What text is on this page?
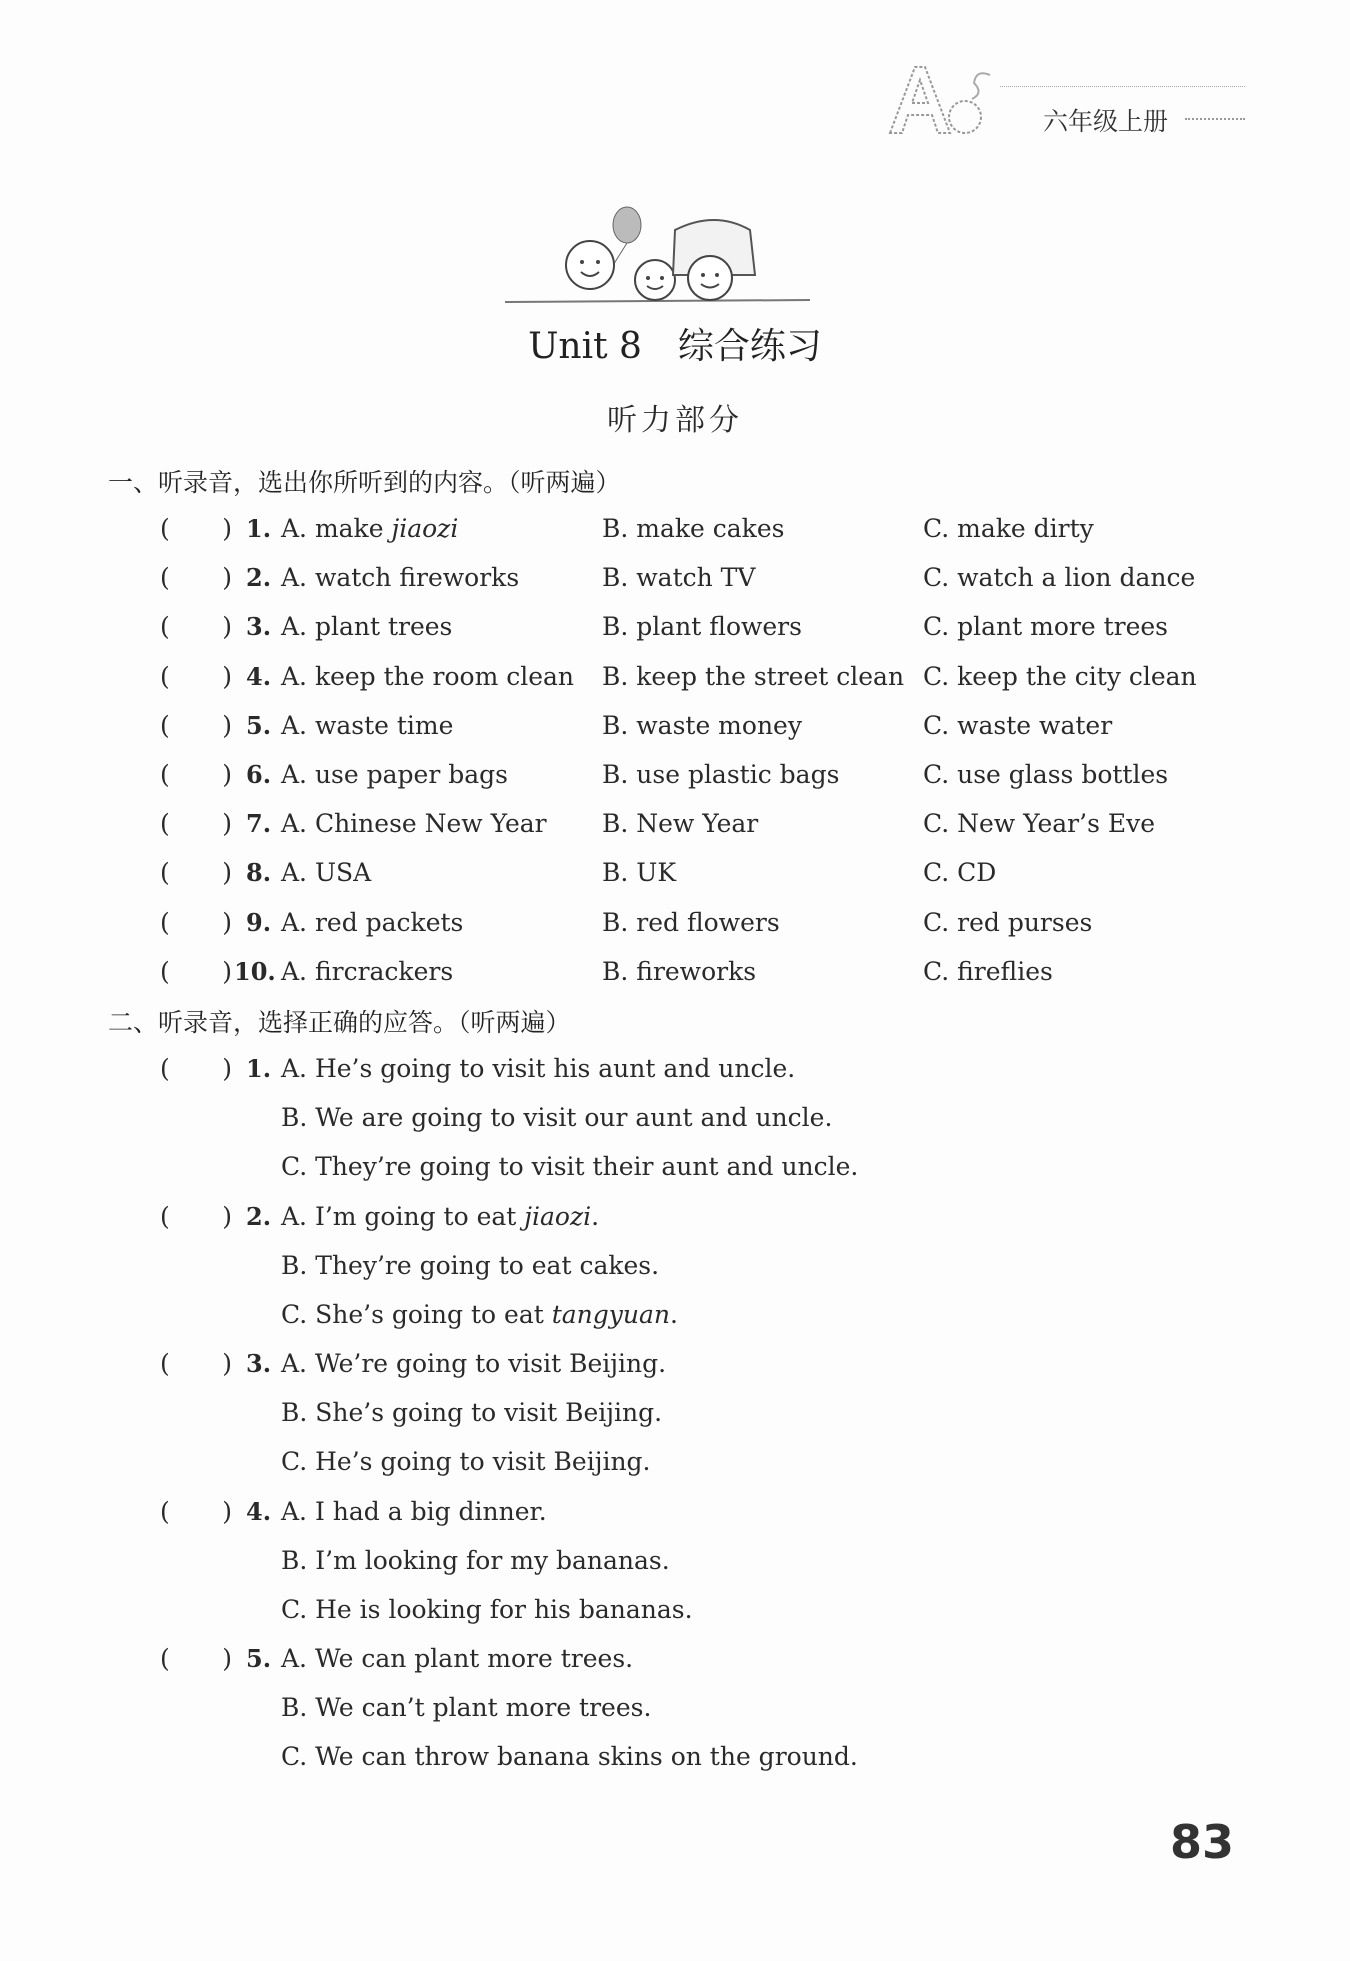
六年级上册
Unit 8　综合练习
听力部分
一、听录音，选出你所听到的内容。（听两遍）
( ) 1. A. make jiaozi	B. make cakes	C. make dirty
( ) 2. A. watch fireworks	B. watch TV	C. watch a lion dance
( ) 3. A. plant trees	B. plant flowers	C. plant more trees
( ) 4. A. keep the room clean B. keep the street clean C. keep the city clean
( ) 5. A. waste time	B. waste money	C. waste water
( ) 6. A. use paper bags	B. use plastic bags	C. use glass bottles
( ) 7. A. Chinese New Year B. New Year	C. New Year’s Eve
( ) 8. A. USA	B. UK	C. CD
( ) 9. A. red packets	B. red flowers	C. red purses
( ) 10. A. fircrackers	B. fireworks	C. fireflies
二、听录音，选择正确的应答。（听两遍）
( ) 1. A. He’s going to visit his aunt and uncle.
B. We are going to visit our aunt and uncle.
C. They’re going to visit their aunt and uncle.
( ) 2. A. I’m going to eat jiaozi.
B. They’re going to eat cakes.
C. She’s going to eat tangyuan.
( ) 3. A. We’re going to visit Beijing.
B. She’s going to visit Beijing.
C. He’s going to visit Beijing.
( ) 4. A. I had a big dinner.
B. I’m looking for my bananas.
C. He is looking for his bananas.
( ) 5. A. We can plant more trees.
B. We can’t plant more trees.
C. We can throw banana skins on the ground.
83
